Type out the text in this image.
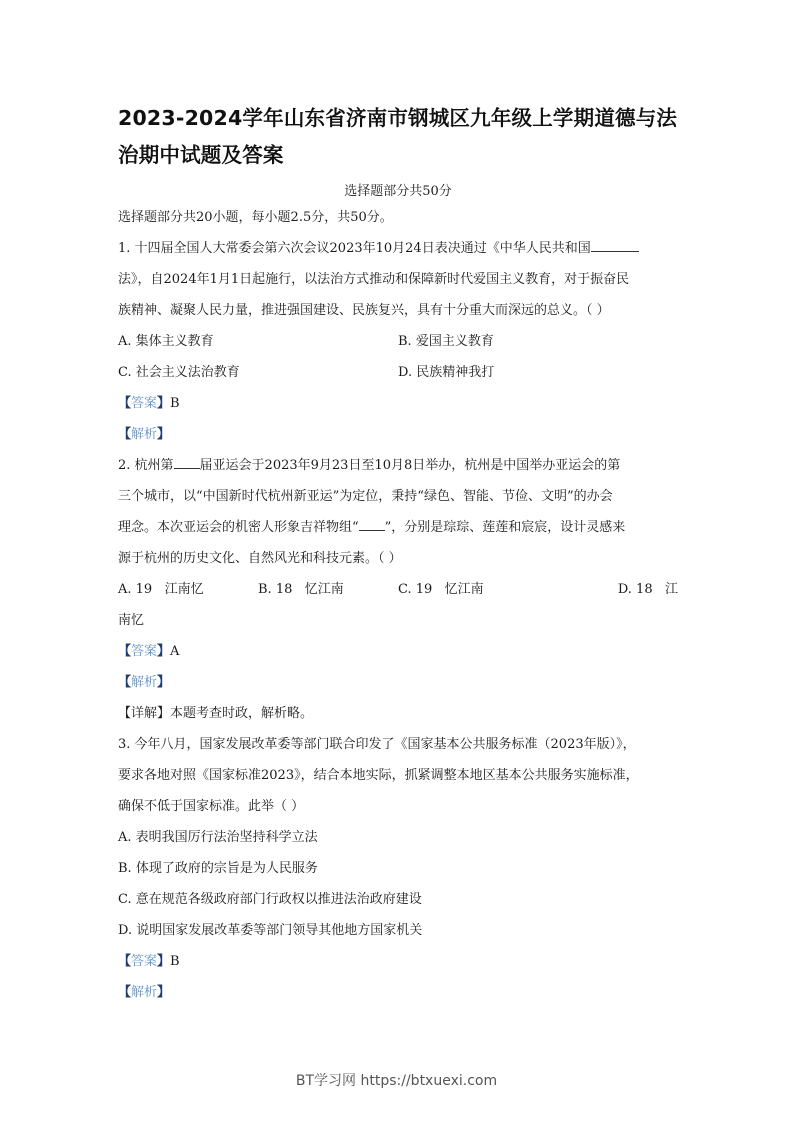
2023-2024学年山东省济南市钢城区九年级上学期道德与法
治期中试题及答案
选择题部分共50分
选择题部分共20小题，每小题2.5分，共50分。
1. 十四届全国人大常委会第六次会议2023年10月24日表决通过《中华人民共和国
法》，自2024年1月1日起施行，以法治方式推动和保障新时代爱国主义教育，对于振奋民
族精神、凝聚人民力量，推进强国建设、民族复兴，具有十分重大而深远的总义。（ ）
A. 集体主义教育	B. 爱国主义教育
C. 社会主义法治教育	D. 民族精神我打
【答案】B
【解析】
2. 杭州第 届亚运会于2023年9月23日至10月8日举办，杭州是中国举办亚运会的第
三个城市，以“中国新时代杭州新亚运”为定位，秉持“绿色、智能、节俭、文明”的办会
理念。本次亚运会的机密人形象吉祥物组“ ”，分别是琮琮、莲莲和宸宸，设计灵感来
源于杭州的历史文化、自然风光和科技元素。（ ）
A. 19   江南忆	B. 18   忆江南	C. 19   忆江南	D. 18   江
南忆
【答案】A
【解析】
【详解】本题考查时政，解析略。
3. 今年八月，国家发展改革委等部门联合印发了《国家基本公共服务标准（2023年版）》，
要求各地对照《国家标准2023》，结合本地实际，抓紧调整本地区基本公共服务实施标准，
确保不低于国家标准。此举（ ）
A. 表明我国厉行法治坚持科学立法
B. 体现了政府的宗旨是为人民服务
C. 意在规范各级政府部门行政权以推进法治政府建设
D. 说明国家发展改革委等部门领导其他地方国家机关
【答案】B
【解析】
BT学习网 https://btxuexi.com
